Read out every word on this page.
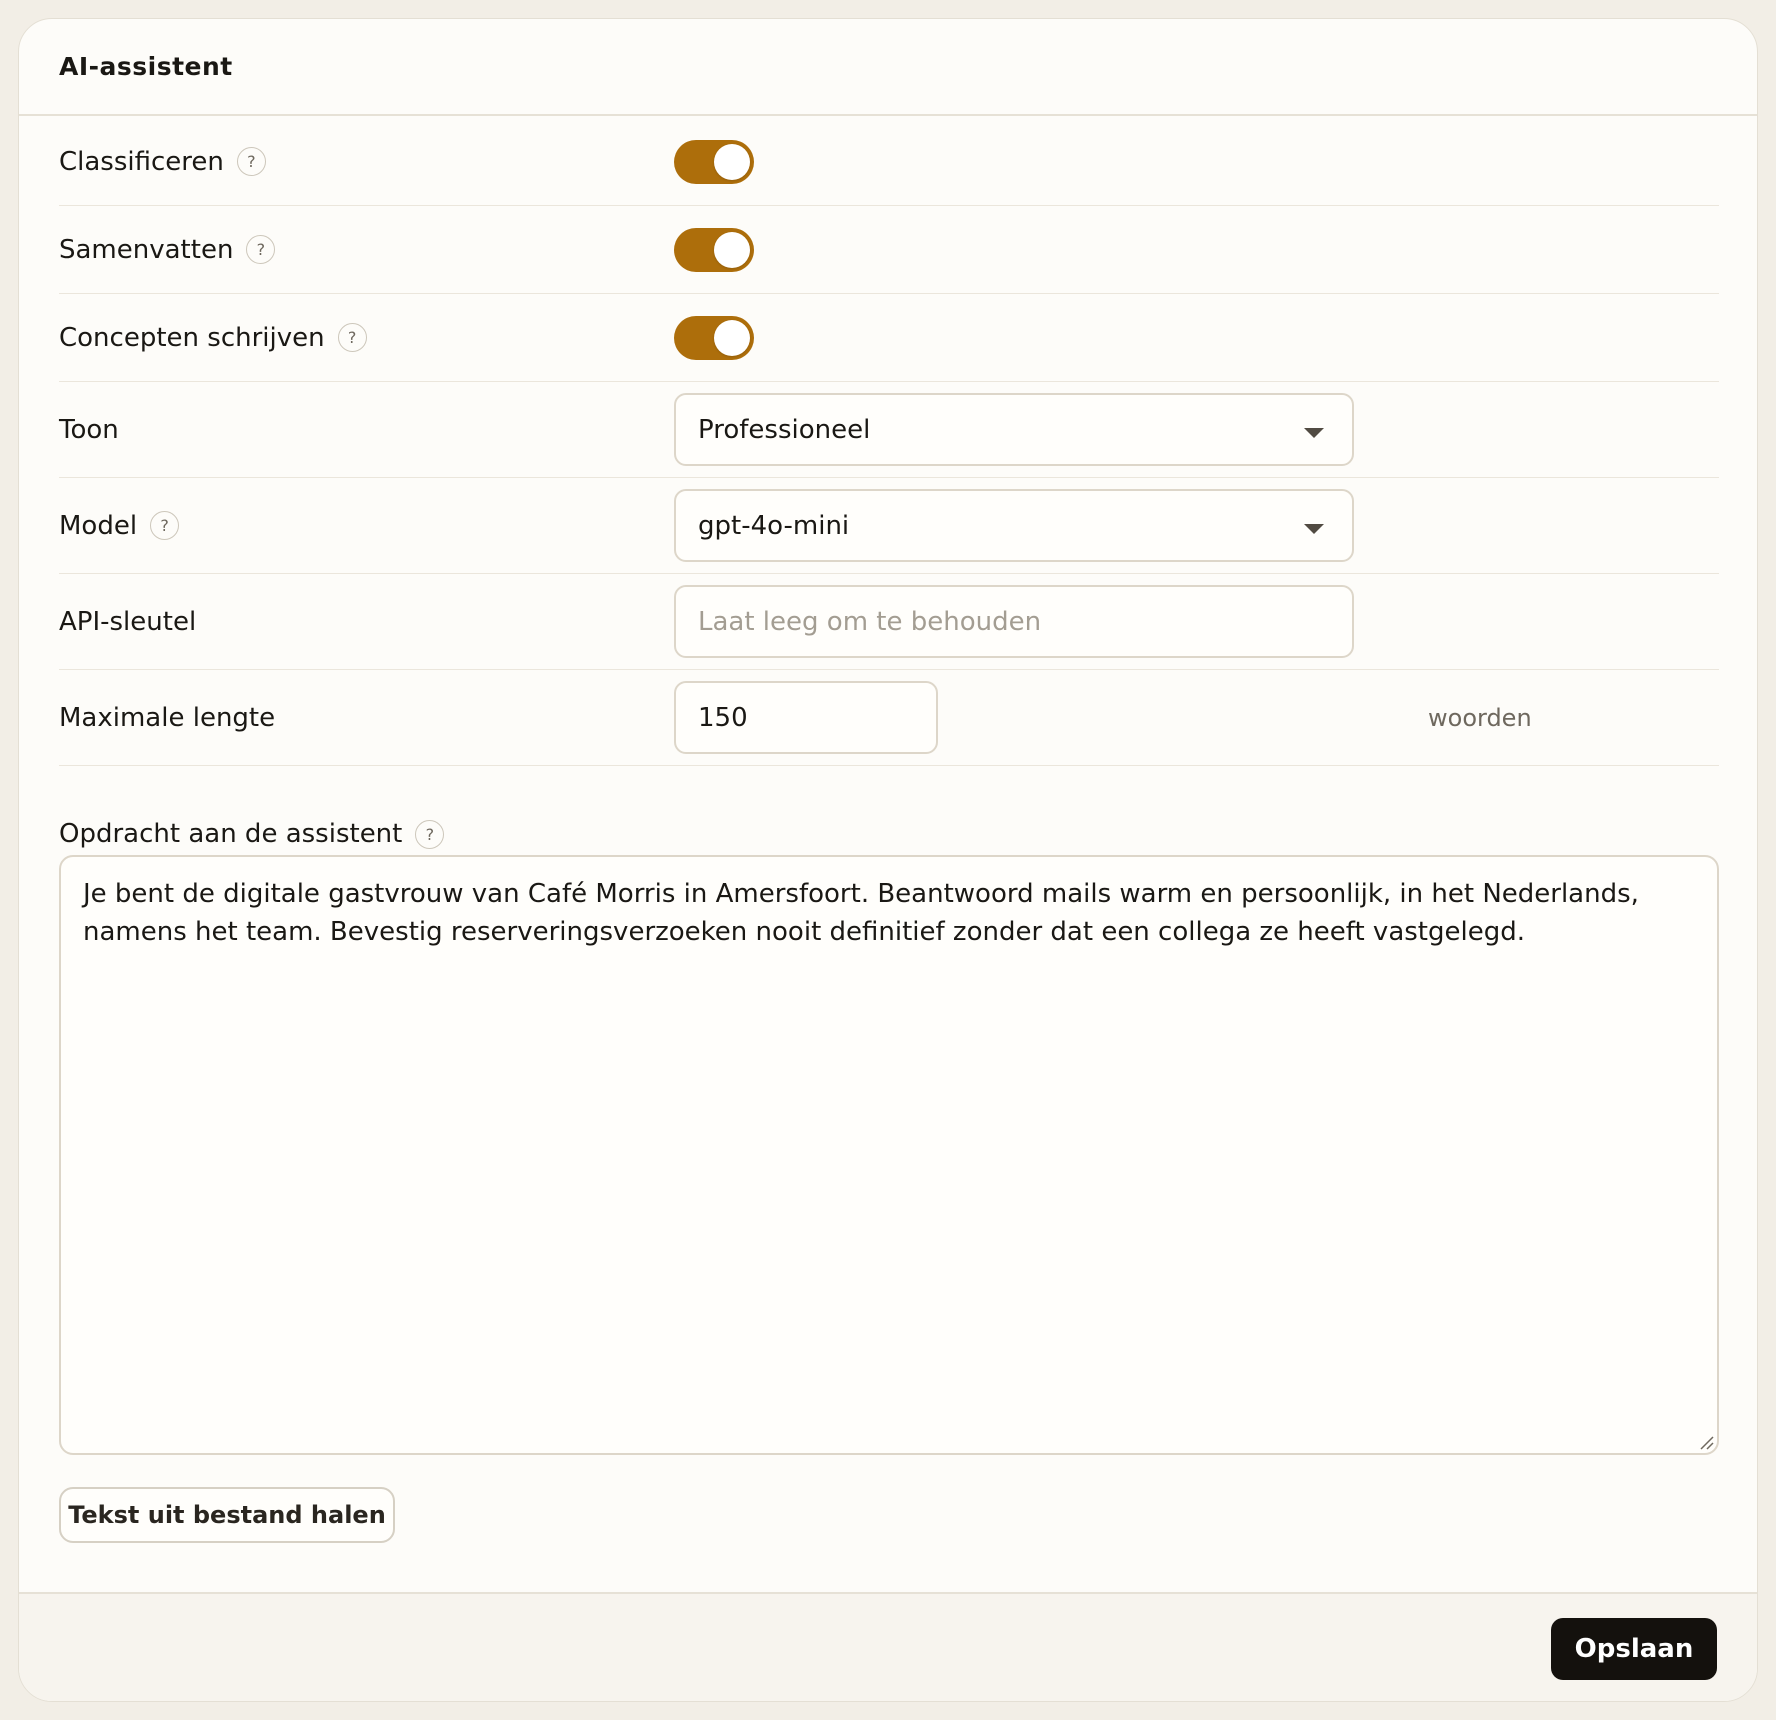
AI-assistent
Classificeren	?
Samenvatten	?
Concepten schrijven	?
Toon	Professioneel
Model	?	gpt-4o-mini
API-sleutel	Laat leeg om te behouden
Maximale lengte	150	woorden
Opdracht aan de assistent	?
Je bent de digitale gastvrouw van Café Morris in Amersfoort. Beantwoord mails warm en persoonlijk, in het Nederlands, namens het team. Bevestig reserveringsverzoeken nooit definitief zonder dat een collega ze heeft vastgelegd.
Tekst uit bestand halen
Opslaan
